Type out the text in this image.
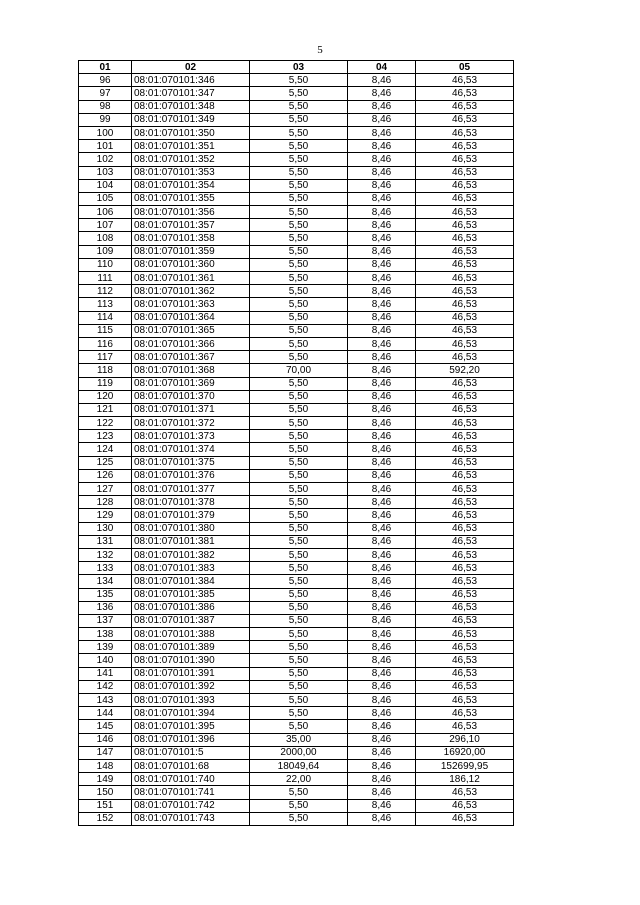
5
01	02	03	04	05
96	08:01:070101:346	5,50	8,46	46,53
97	08:01:070101:347	5,50	8,46	46,53
98	08:01:070101:348	5,50	8,46	46,53
99	08:01:070101:349	5,50	8,46	46,53
100	08:01:070101:350	5,50	8,46	46,53
101	08:01:070101:351	5,50	8,46	46,53
102	08:01:070101:352	5,50	8,46	46,53
103	08:01:070101:353	5,50	8,46	46,53
104	08:01:070101:354	5,50	8,46	46,53
105	08:01:070101:355	5,50	8,46	46,53
106	08:01:070101:356	5,50	8,46	46,53
107	08:01:070101:357	5,50	8,46	46,53
108	08:01:070101:358	5,50	8,46	46,53
109	08:01:070101:359	5,50	8,46	46,53
110	08:01:070101:360	5,50	8,46	46,53
111	08:01:070101:361	5,50	8,46	46,53
112	08:01:070101:362	5,50	8,46	46,53
113	08:01:070101:363	5,50	8,46	46,53
114	08:01:070101:364	5,50	8,46	46,53
115	08:01:070101:365	5,50	8,46	46,53
116	08:01:070101:366	5,50	8,46	46,53
117	08:01:070101:367	5,50	8,46	46,53
118	08:01:070101:368	70,00	8,46	592,20
119	08:01:070101:369	5,50	8,46	46,53
120	08:01:070101:370	5,50	8,46	46,53
121	08:01:070101:371	5,50	8,46	46,53
122	08:01:070101:372	5,50	8,46	46,53
123	08:01:070101:373	5,50	8,46	46,53
124	08:01:070101:374	5,50	8,46	46,53
125	08:01:070101:375	5,50	8,46	46,53
126	08:01:070101:376	5,50	8,46	46,53
127	08:01:070101:377	5,50	8,46	46,53
128	08:01:070101:378	5,50	8,46	46,53
129	08:01:070101:379	5,50	8,46	46,53
130	08:01:070101:380	5,50	8,46	46,53
131	08:01:070101:381	5,50	8,46	46,53
132	08:01:070101:382	5,50	8,46	46,53
133	08:01:070101:383	5,50	8,46	46,53
134	08:01:070101:384	5,50	8,46	46,53
135	08:01:070101:385	5,50	8,46	46,53
136	08:01:070101:386	5,50	8,46	46,53
137	08:01:070101:387	5,50	8,46	46,53
138	08:01:070101:388	5,50	8,46	46,53
139	08:01:070101:389	5,50	8,46	46,53
140	08:01:070101:390	5,50	8,46	46,53
141	08:01:070101:391	5,50	8,46	46,53
142	08:01:070101:392	5,50	8,46	46,53
143	08:01:070101:393	5,50	8,46	46,53
144	08:01:070101:394	5,50	8,46	46,53
145	08:01:070101:395	5,50	8,46	46,53
146	08:01:070101:396	35,00	8,46	296,10
147	08:01:070101:5	2000,00	8,46	16920,00
148	08:01:070101:68	18049,64	8,46	152699,95
149	08:01:070101:740	22,00	8,46	186,12
150	08:01:070101:741	5,50	8,46	46,53
151	08:01:070101:742	5,50	8,46	46,53
152	08:01:070101:743	5,50	8,46	46,53
